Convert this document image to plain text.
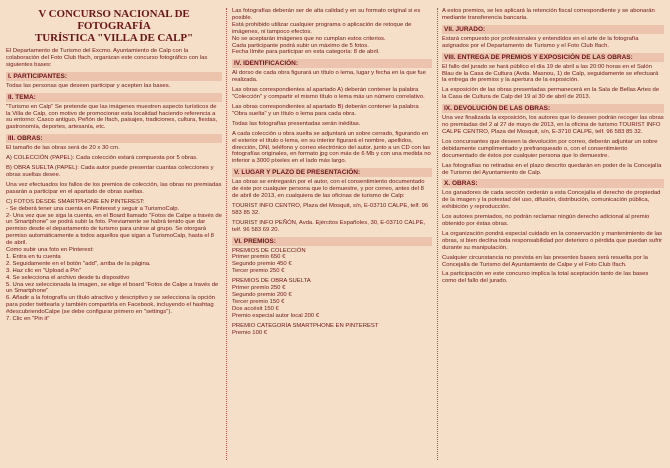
V CONCURSO NACIONAL DE FOTOGRAFÍA
TURÍSTICA "VILLA DE CALP"

El Departamento de Turismo del Excmo. Ayuntamiento de Calp con la colaboración del Foto Club Ifach, organizan este concurso fotográfico con las siguientes bases:

I. PARTICIPANTES:

Todas las personas que deseen participar y acepten las bases.

II. TEMA:

"Turismo en Calp" Se pretende que las imágenes muestren aspecto turísticos de la Villa de Calp, con motivo de promocionar esta localidad haciendo referencia a su entorno: Casco antiguo, Peñón de Ifach, paisajes, tradiciones, cultura, fiestas, gastronomía, deportes, artesanía, etc.

III. OBRAS:

El tamaño de las obras será de 20 x 30 cm.

A) COLECCIÓN (PAPEL): Cada colección estará compuesta por 5 obras.

B) OBRA SUELTA (PAPEL): Cada autor puede presentar cuantas colecciones y obras sueltas desee.

Una vez efectuados los fallos de los premios de colección, las obras no premiadas pasarán a participar en el apartado de obras sueltas.

C) FOTOS DESDE SMARTPHONE EN PINTEREST:

- Se deberá tener una cuenta en Pinterest y seguir a TurismoCalp.

2- Una vez que se siga la cuenta, en el Board llamado "Fotos de Calpe a través de un Smartphone" se podrá subir la foto. Previamente se habrá tenido que dar permiso desde el departamento de turismo para unirse al grupo. Se otorgará permiso automáticamente a todos aquellos que sigan a TurismoCalp, hasta el 8 de abril.

Como subir una foto en Pinterest:

1. Entra en tu cuenta

2. Seguidamente en el botón "add", arriba de la página.

3. Haz clic en "Upload a Pin"

4. Se selecciona el archivo desde tu dispositivo

5. Una vez seleccionada la imagen, se elige el board "Fotos de Calpe a través de un Smartphone"

6. Añadir a la fotografía un título atractivo y descriptivo y se selecciona la opción para poder twittearla y también compartirla en Facebook, incluyendo el hashtag #descubriendoCalpe (se debe configurar primero en "settings").

7. Clic en "Pin it"

Las fotografías deberán ser de alta calidad y en su formato original si es posible.

Está prohibido utilizar cualquier programa o aplicación de retoque de imágenes, ni tampoco efectos.

No se aceptarán imágenes que no cumplan estos criterios.

Cada participante podrá subir un máximo de 5 fotos.

Fecha límite para participar en esta categoría: 8 de abril.

IV. IDENTIFICACIÓN:

Al dorso de cada obra figurará un título o lema, lugar y fecha en la que fue realizada.

Las obras correspondientes al apartado A) deberán contener la palabra "Colección" y compartir el mismo título o lema más un número correlativo.

Las obras correspondientes al apartado B) deberán contener la palabra "Obra suelta" y un título o lema para cada obra.

Todas las fotografías presentadas serán inéditas.

A cada colección u obra suelta se adjuntará un sobre cerrado, figurando en el exterior el título o lema, en su interior figurará el nombre, apellidos, dirección, DNI, teléfono y correo electrónico del autor, junto a un CD con las fotografías originales, en formato jpg con más de 6 Mb y con una medida no inferior a 3000 píxeles en el lado más largo.

V. LUGAR Y PLAZO DE PRESENTACIÓN:

Las obras se entregarán por el autor, con el consentimiento documentado de éste por cualquier persona que lo demuestre, y por correo, antes del 8 de abril de 2013, en cualquiera de las oficinas de turismo de Calp:

TOURIST INFO CENTRO, Plaza del Mosquit, s/n, E-03710 CALPE, telf. 96 583 85 32.

TOURIST INFO PEÑÓN, Avda. Ejércitos Españoles, 30, E-03710 CALPE, telf. 96 583 69 20.

VI. PREMIOS:

PREMIOS DE COLECCIÓN

Primer premio 650 €

Segundo premio 450 €

Tercer premio 250 €

PREMIOS DE OBRA SUELTA

Primer premio 250 €

Segundo premio 200 €

Tercer premio 150 €

Dos accésit 150 €

Premio especial autor local 200 €

PREMIO CATEGORÍA SMARTPHONE EN PINTEREST

Premio 100 €

A estos premios, se les aplicará la retención fiscal correspondiente y se abonarán mediante transferencia bancaria.

VII. JURADO:

Estará compuesto por profesionales y entendidos en el arte de la fotografía asignados por el Departamento de Turismo y el Foto Club Ifach.

VIII. ENTREGA DE PREMIOS Y EXPOSICIÓN DE LAS OBRAS:

El fallo del jurado se hará público el día 19 de abril a las 20:00 horas en el Salón Blau de la Casa de Cultura (Avda. Masnou, 1) de Calp, seguidamente se efectuará la entrega de premios y la apertura de la exposición.

La exposición de las obras presentadas permanecerá en la Sala de Bellas Artes de la Casa de Cultura de Calp del 19 al 30 de abril de 2013.

IX. DEVOLUCIÓN DE LAS OBRAS:

Una vez finalizada la exposición, los autores que lo deseen podrán recoger las obras no premiadas del 2 al 27 de mayo de 2013, en la oficina de turismo TOURIST INFO CALPE CENTRO, Plaza del Mosquit, s/n, E-3710 CALPE, telf. 96 583 85 32.

Los concursantes que deseen la devolución por correo, deberán adjuntar un sobre debidamente cumplimentado y prefranqueado o, con el consentimiento documentado de éstos por cualquier persona que lo demuestre.

Las fotografías no retiradas en el plazo descrito quedarán en poder de la Concejalía de Turismo del Ayuntamiento de Calp.

X. OBRAS:

Los ganadores de cada sección cederán a esta Concejalía el derecho de propiedad de la imagen y la potestad del uso, difusión, distribución, comunicación pública, exhibición y reproducción.

Los autores premiados, no podrán reclamar ningún derecho adicional al premio obtenido por éstas obras.

La organización pondrá especial cuidado en la conservación y mantenimiento de las obras, si bien declina toda responsabilidad por deterioro o pérdida que puedan sufrir durante su manipulación.

Cualquier circunstancia no prevista en las presentes bases será resuelta por la Concejalía de Turismo del Ayuntamiento de Calpe y el Foto Club Ifach.

La participación en este concurso implica la total aceptación tanto de las bases como del fallo del jurado.
